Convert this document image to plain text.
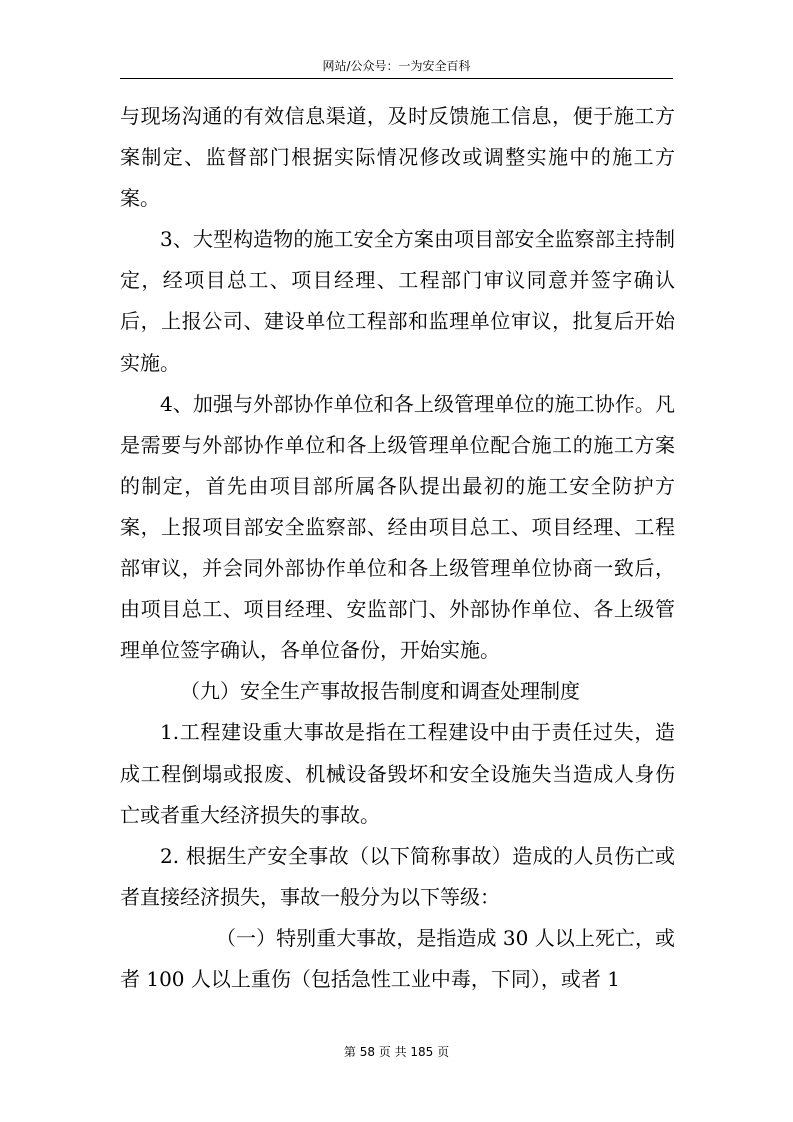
网站/公众号：一为安全百科

与现场沟通的有效信息渠道，及时反馈施工信息，便于施工方案制定、监督部门根据实际情况修改或调整实施中的施工方案。

3、大型构造物的施工安全方案由项目部安全监察部主持制定，经项目总工、项目经理、工程部门审议同意并签字确认后，上报公司、建设单位工程部和监理单位审议，批复后开始实施。

4、加强与外部协作单位和各上级管理单位的施工协作。凡是需要与外部协作单位和各上级管理单位配合施工的施工方案的制定，首先由项目部所属各队提出最初的施工安全防护方案，上报项目部安全监察部、经由项目总工、项目经理、工程部审议，并会同外部协作单位和各上级管理单位协商一致后，由项目总工、项目经理、安监部门、外部协作单位、各上级管理单位签字确认，各单位备份，开始实施。

（九）安全生产事故报告制度和调查处理制度

1.工程建设重大事故是指在工程建设中由于责任过失，造成工程倒塌或报废、机械设备毁坏和安全设施失当造成人身伤亡或者重大经济损失的事故。

2. 根据生产安全事故（以下简称事故）造成的人员伤亡或者直接经济损失，事故一般分为以下等级：

（一）特别重大事故，是指造成 30 人以上死亡，或者 100 人以上重伤（包括急性工业中毒，下同），或者 1

第 58 页 共 185 页
